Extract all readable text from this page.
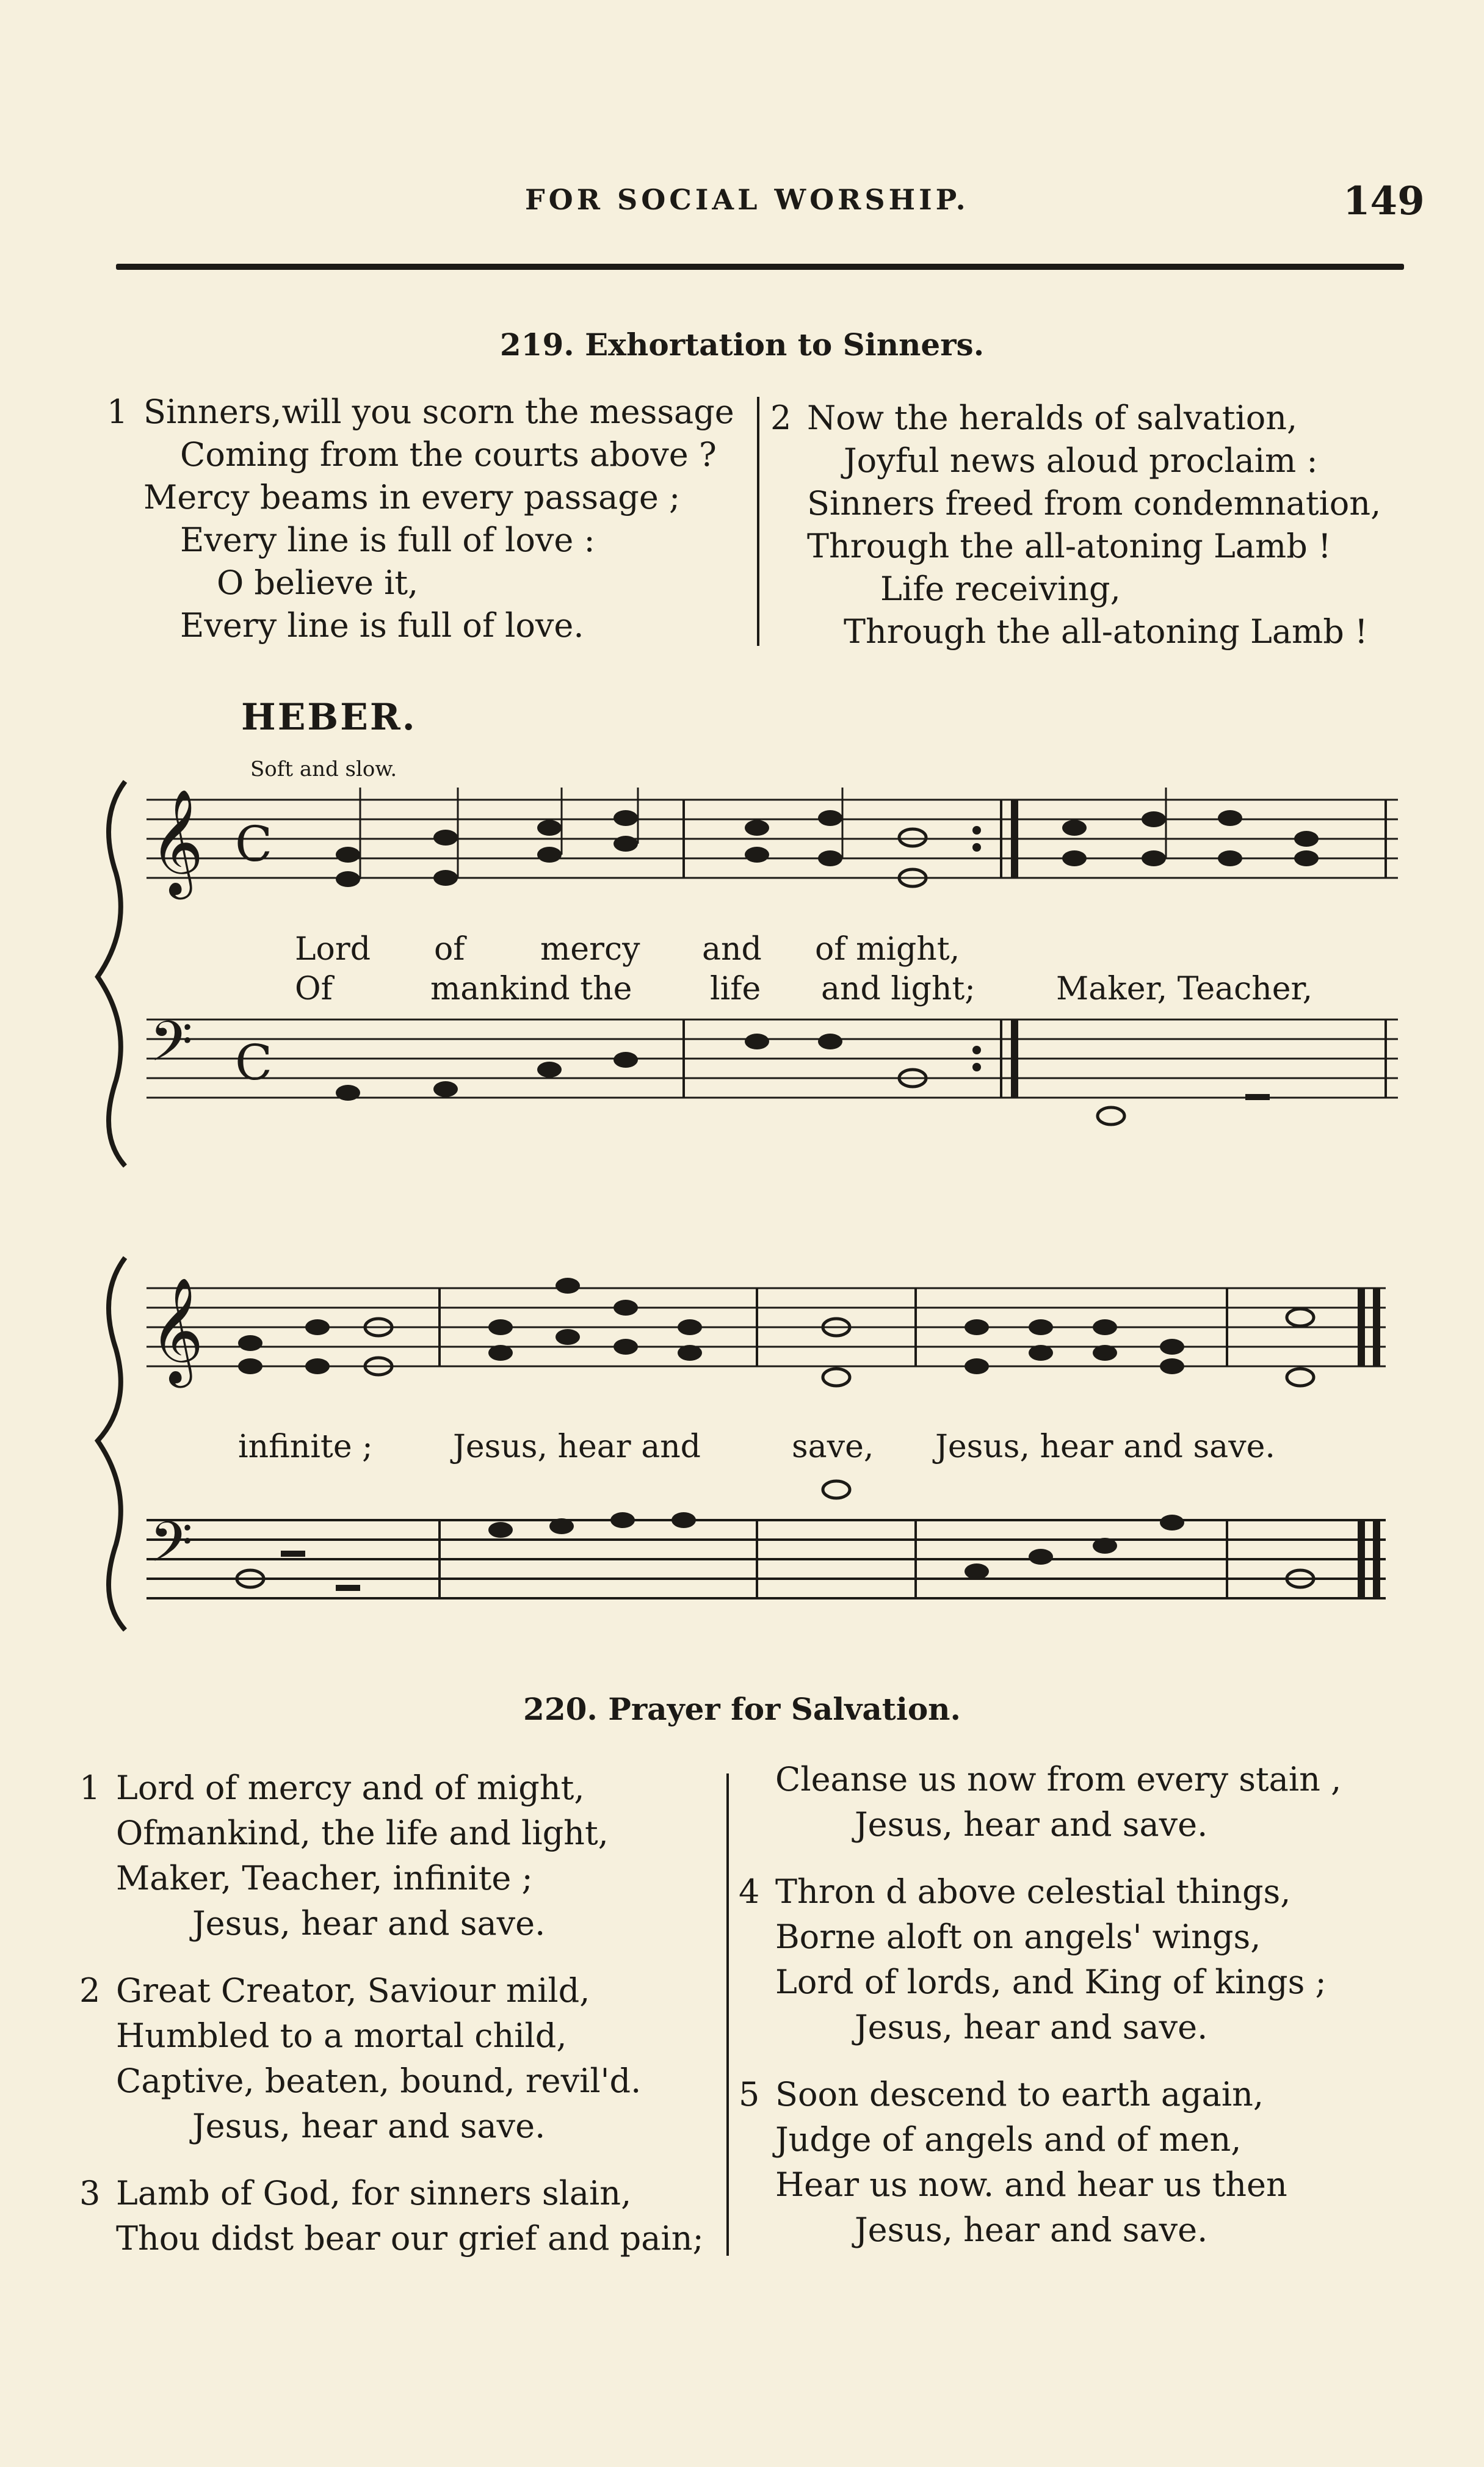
FOR SOCIAL WORSHIP.	149
219. Exhortation to Sinners.
1 Sinners,will you scorn the message
Coming from the courts above ?
Mercy beams in every passage ;
Every line is full of love :
O believe it,
Every line is full of love.
2 Now the heralds of salvation,
Joyful news aloud proclaim :
Sinners freed from condemnation,
Through the all-atoning Lamb !
Life receiving,
Through the all-atoning Lamb !
HEBER.
Soft and slow.
𝄞 C
𝄢 C
Lord of mercy and of might,
Of	mankind the life and light;	Maker, Teacher,
𝄞
𝄢
infinite ;	Jesus, hear and	save, Jesus, hear and save.
220. Prayer for Salvation.
1 Lord of mercy and of might,
Ofmankind, the life and light,
Maker, Teacher, infinite ;
Jesus, hear and save.
2 Great Creator, Saviour mild,
Humbled to a mortal child,
Captive, beaten, bound, revil'd.
Jesus, hear and save.
3 Lamb of God, for sinners slain,
Thou didst bear our grief and pain;
Cleanse us now from every stain ,
Jesus, hear and save.
4 Thron d above celestial things,
Borne aloft on angels' wings,
Lord of lords, and King of kings ;
Jesus, hear and save.
5 Soon descend to earth again,
Judge of angels and of men,
Hear us now. and hear us then
Jesus, hear and save.
